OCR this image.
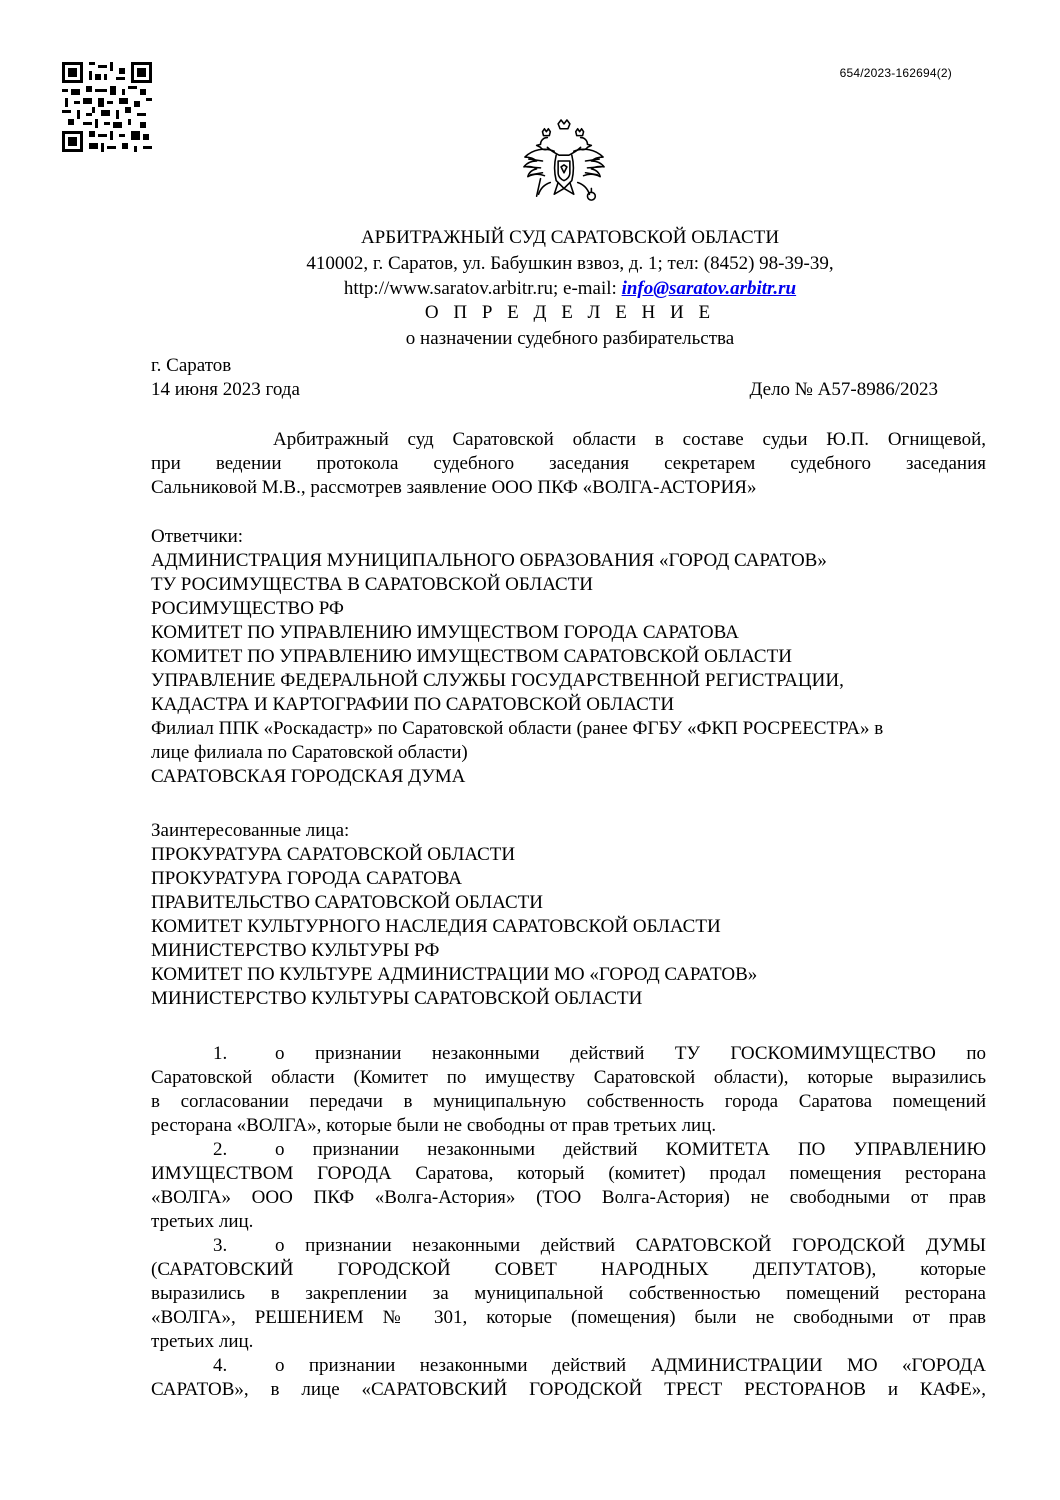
654/2023-162694(2)
АРБИТРАЖНЫЙ СУД САРАТОВСКОЙ ОБЛАСТИ
410002, г. Саратов, ул. Бабушкин взвоз, д. 1; тел: (8452) 98-39-39,
http://www.saratov.arbitr.ru; e-mail: info@saratov.arbitr.ru
О П Р Е Д Е Л Е Н И Е
о назначении судебного разбирательства
г. Саратов
14 июня 2023 года	Дело № А57-8986/2023

Арбитражный суд Саратовской области в составе судьи Ю.П. Огнищевой,

при ведении протокола судебного заседания секретарем судебного заседания

Сальниковой М.В., рассмотрев заявление ООО ПКФ «ВОЛГА-АСТОРИЯ»

Ответчики:

АДМИНИСТРАЦИЯ МУНИЦИПАЛЬНОГО ОБРАЗОВАНИЯ «ГОРОД САРАТОВ»

ТУ РОСИМУЩЕСТВА В САРАТОВСКОЙ ОБЛАСТИ

РОСИМУЩЕСТВО РФ

КОМИТЕТ ПО УПРАВЛЕНИЮ ИМУЩЕСТВОМ ГОРОДА САРАТОВА

КОМИТЕТ ПО УПРАВЛЕНИЮ ИМУЩЕСТВОМ САРАТОВСКОЙ ОБЛАСТИ

УПРАВЛЕНИЕ ФЕДЕРАЛЬНОЙ СЛУЖБЫ ГОСУДАРСТВЕННОЙ РЕГИСТРАЦИИ,

КАДАСТРА И КАРТОГРАФИИ ПО САРАТОВСКОЙ ОБЛАСТИ

Филиал ППК «Роскадастр» по Саратовской области (ранее ФГБУ «ФКП РОСРЕЕСТРА» в

лице филиала по Саратовской области)

САРАТОВСКАЯ ГОРОДСКАЯ ДУМА

Заинтересованные лица:

ПРОКУРАТУРА САРАТОВСКОЙ ОБЛАСТИ

ПРОКУРАТУРА ГОРОДА САРАТОВА

ПРАВИТЕЛЬСТВО САРАТОВСКОЙ ОБЛАСТИ

КОМИТЕТ КУЛЬТУРНОГО НАСЛЕДИЯ САРАТОВСКОЙ ОБЛАСТИ

МИНИСТЕРСТВО КУЛЬТУРЫ РФ

КОМИТЕТ ПО КУЛЬТУРЕ АДМИНИСТРАЦИИ МО «ГОРОД САРАТОВ»

МИНИСТЕРСТВО КУЛЬТУРЫ САРАТОВСКОЙ ОБЛАСТИ

1.	о признании незаконными действий ТУ ГОСКОМИМУЩЕСТВО по

Саратовской области (Комитет по имуществу Саратовской области), которые выразились

в согласовании передачи в муниципальную собственность города Саратова помещений

ресторана «ВОЛГА», которые были не свободны от прав третьих лиц.

2.	о признании незаконными действий КОМИТЕТА ПО УПРАВЛЕНИЮ

ИМУЩЕСТВОМ ГОРОДА Саратова, который (комитет) продал помещения ресторана

«ВОЛГА» ООО ПКФ «Волга-Астория» (ТОО Волга-Астория) не свободными от прав

третьих лиц.

3.	о признании незаконными действий САРАТОВСКОЙ ГОРОДСКОЙ ДУМЫ

(САРАТОВСКИЙ ГОРОДСКОЙ СОВЕТ НАРОДНЫХ ДЕПУТАТОВ), которые

выразились в закреплении за муниципальной собственностью помещений ресторана

«ВОЛГА», РЕШЕНИЕМ № 301, которые (помещения) были не свободными от прав

третьих лиц.

4.	о признании незаконными действий АДМИНИСТРАЦИИ МО «ГОРОДА

САРАТОВ», в лице «САРАТОВСКИЙ ГОРОДСКОЙ ТРЕСТ РЕСТОРАНОВ и КАФЕ»,
